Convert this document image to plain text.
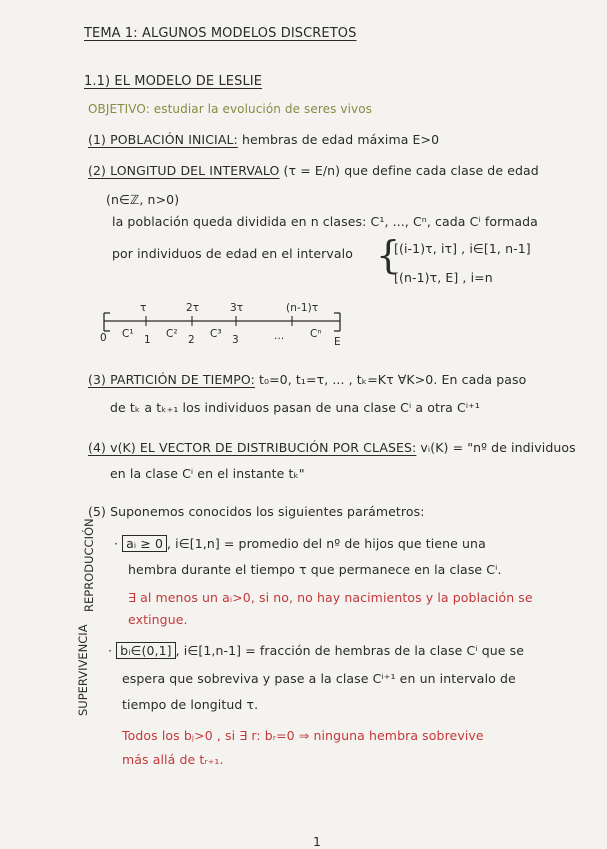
TEMA 1: ALGUNOS MODELOS DISCRETOS
1.1) EL MODELO DE LESLIE
OBJETIVO: estudiar la evolución de seres vivos
(1) POBLACIÓN INICIAL: hembras de edad máxima E>0
(2) LONGITUD DEL INTERVALO (τ = E/n) que define cada clase de edad
(n∈ℤ, n>0)
la población queda dividida en n clases: C¹, ..., Cⁿ, cada Cⁱ formada
por individuos de edad en el intervalo {
[(i-1)τ, iτ] , i∈[1, n-1]
[(n-1)τ, E] , i=n
τ	2τ	3τ	(n-1)τ
0 C¹ 1 C² 2 C³ 3	... Cⁿ
E
(3) PARTICIÓN DE TIEMPO: t₀=0, t₁=τ, ... , tₖ=Kτ ∀K>0. En cada paso
de tₖ a tₖ₊₁ los individuos pasan de una clase Cⁱ a otra Cⁱ⁺¹
(4) v(K) EL VECTOR DE DISTRIBUCIÓN POR CLASES: vᵢ(K) = "nº de individuos
en la clase Cⁱ en el instante tₖ"
(5) Suponemos conocidos los siguientes parámetros:
REPRODUCCIÓN · aᵢ ≥ 0 , i∈[1,n] = promedio del nº de hijos que tiene una
hembra durante el tiempo τ que permanece en la clase Cⁱ.
∃ al menos un aᵢ>0, si no, no hay nacimientos y la población se
extingue.
SUPERVIVENCIA · bᵢ∈(0,1] , i∈[1,n-1] = fracción de hembras de la clase Cⁱ que se
espera que sobreviva y pase a la clase Cⁱ⁺¹ en un intervalo de
tiempo de longitud τ.
Todos los bⱼ>0 , si ∃ r: bᵣ=0 ⇒ ninguna hembra sobrevive
más allá de tᵣ₊₁.
1
